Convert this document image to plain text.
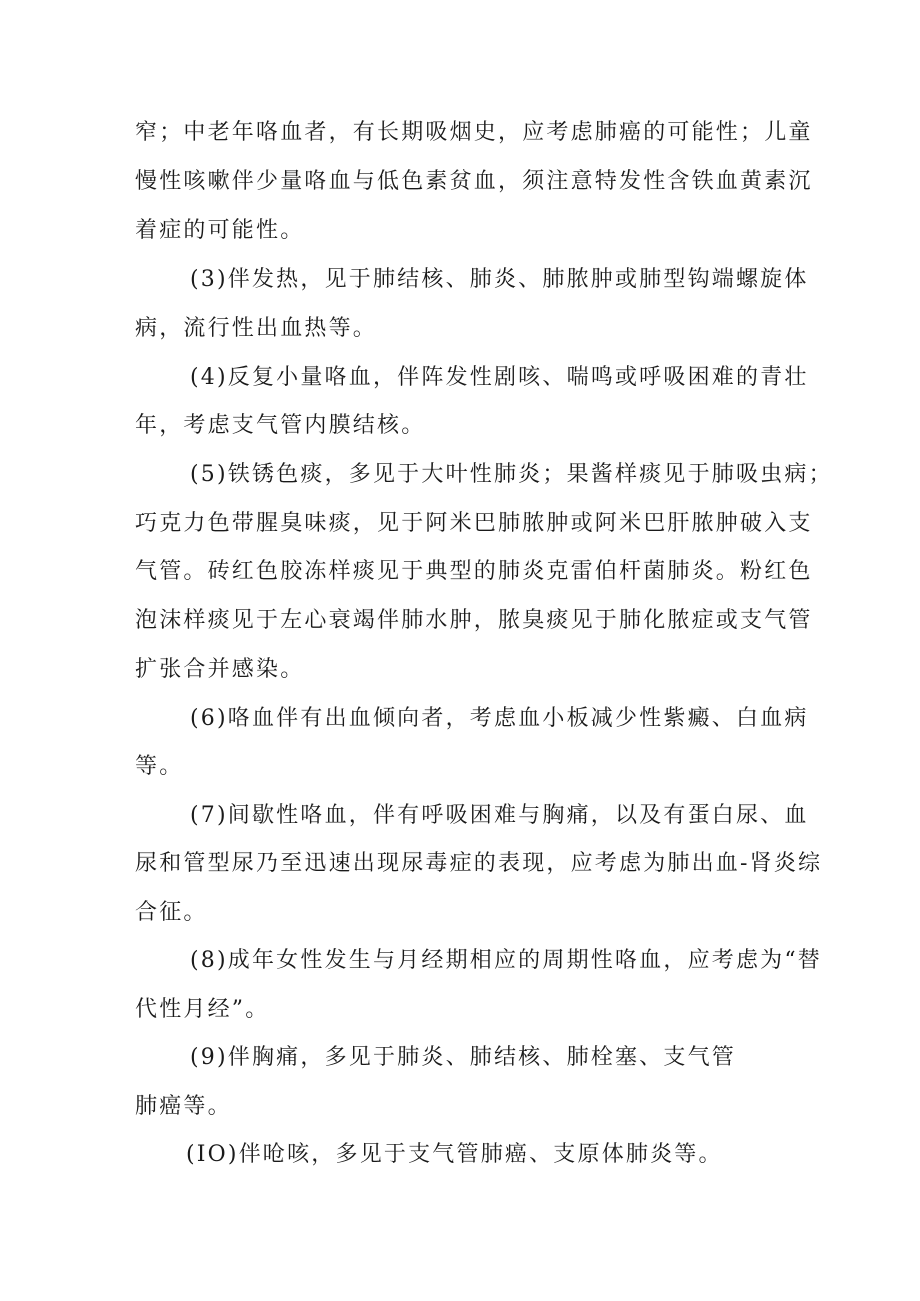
窄；中老年咯血者，有长期吸烟史，应考虑肺癌的可能性；儿童
慢性咳嗽伴少量咯血与低色素贫血，须注意特发性含铁血黄素沉
着症的可能性。
(3)伴发热，见于肺结核、肺炎、肺脓肿或肺型钩端螺旋体
病，流行性出血热等。
(4)反复小量咯血，伴阵发性剧咳、喘鸣或呼吸困难的青壮
年，考虑支气管内膜结核。
(5)铁锈色痰，多见于大叶性肺炎；果酱样痰见于肺吸虫病；
巧克力色带腥臭味痰，见于阿米巴肺脓肿或阿米巴肝脓肿破入支
气管。砖红色胶冻样痰见于典型的肺炎克雷伯杆菌肺炎。粉红色
泡沫样痰见于左心衰竭伴肺水肿，脓臭痰见于肺化脓症或支气管
扩张合并感染。
(6)咯血伴有出血倾向者，考虑血小板减少性紫癜、白血病
等。
(7)间歇性咯血，伴有呼吸困难与胸痛，以及有蛋白尿、血
尿和管型尿乃至迅速出现尿毒症的表现，应考虑为肺出血-肾炎综
合征。
(8)成年女性发生与月经期相应的周期性咯血，应考虑为“替
代性月经”。
(9)伴胸痛，多见于肺炎、肺结核、肺栓塞、支气管
肺癌等。
(IO)伴呛咳，多见于支气管肺癌、支原体肺炎等。
